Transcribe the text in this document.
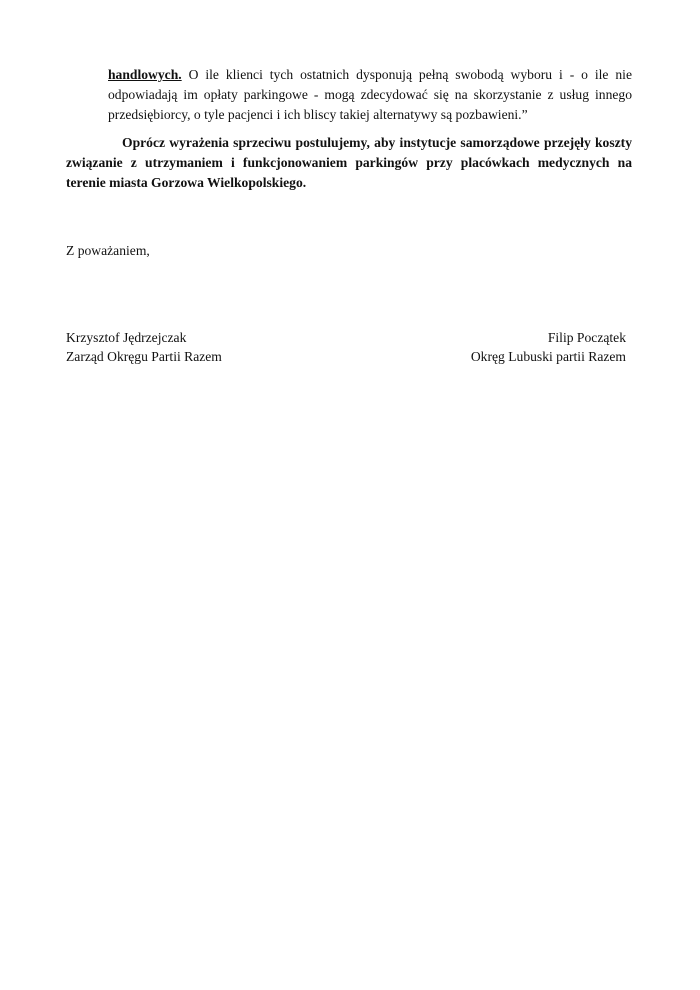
handlowych. O ile klienci tych ostatnich dysponują pełną swobodą wyboru i - o ile nie odpowiadają im opłaty parkingowe - mogą zdecydować się na skorzystanie z usług innego przedsiębiorcy, o tyle pacjenci i ich bliscy takiej alternatywy są pozbawieni.”

Oprócz wyrażenia sprzeciwu postulujemy, aby instytucje samorządowe przejęły koszty związanie z utrzymaniem i funkcjonowaniem parkingów przy placówkach medycznych na terenie miasta Gorzowa Wielkopolskiego.

Z poważaniem,

Krzysztof Jędrzejczak
Zarząd Okręgu Partii Razem
Filip Początek
Okręg Lubuski partii Razem
